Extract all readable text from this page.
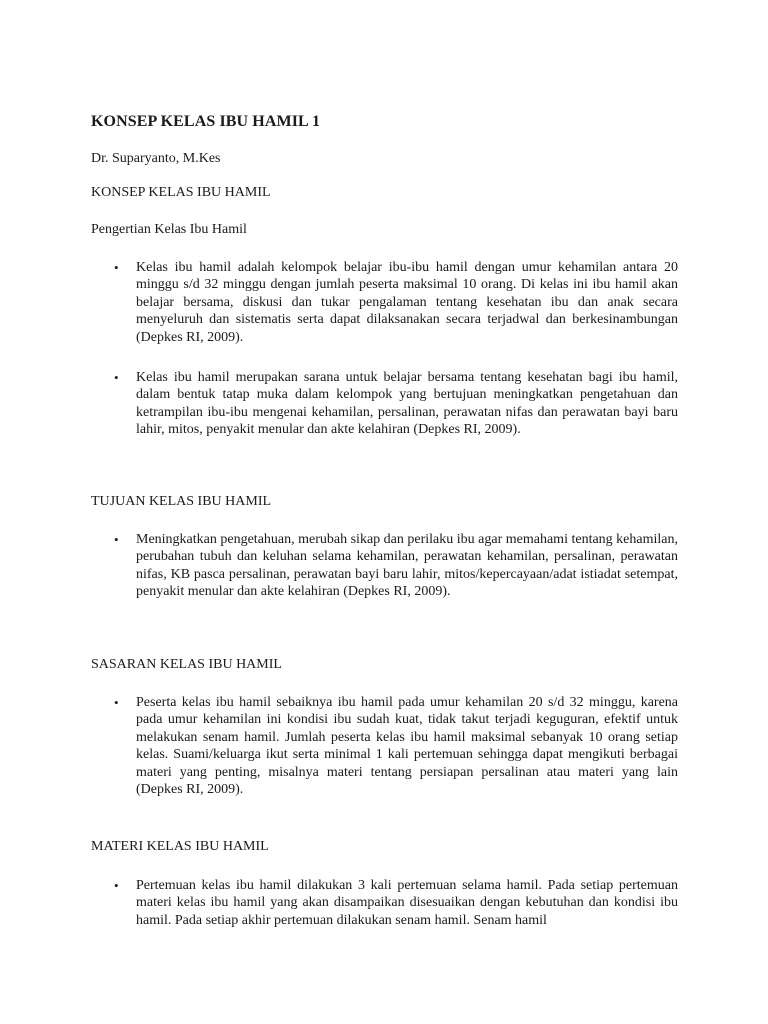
KONSEP KELAS IBU HAMIL 1

Dr. Suparyanto, M.Kes

KONSEP KELAS IBU HAMIL

Pengertian Kelas Ibu Hamil

• Kelas ibu hamil adalah kelompok belajar ibu-ibu hamil dengan umur kehamilan antara 20 minggu s/d 32 minggu dengan jumlah peserta maksimal 10 orang. Di kelas ini ibu hamil akan belajar bersama, diskusi dan tukar pengalaman tentang kesehatan ibu dan anak secara menyeluruh dan sistematis serta dapat dilaksanakan secara terjadwal dan berkesinambungan (Depkes RI, 2009).

• Kelas ibu hamil merupakan sarana untuk belajar bersama tentang kesehatan bagi ibu hamil, dalam bentuk tatap muka dalam kelompok yang bertujuan meningkatkan pengetahuan dan ketrampilan ibu-ibu mengenai kehamilan, persalinan, perawatan nifas dan perawatan bayi baru lahir, mitos, penyakit menular dan akte kelahiran (Depkes RI, 2009).

TUJUAN KELAS IBU HAMIL

• Meningkatkan pengetahuan, merubah sikap dan perilaku ibu agar memahami tentang kehamilan, perubahan tubuh dan keluhan selama kehamilan, perawatan kehamilan, persalinan, perawatan nifas, KB pasca persalinan, perawatan bayi baru lahir, mitos/kepercayaan/adat istiadat setempat, penyakit menular dan akte kelahiran (Depkes RI, 2009).

SASARAN KELAS IBU HAMIL

• Peserta kelas ibu hamil sebaiknya ibu hamil pada umur kehamilan 20 s/d 32 minggu, karena pada umur kehamilan ini kondisi ibu sudah kuat, tidak takut terjadi keguguran, efektif untuk melakukan senam hamil. Jumlah peserta kelas ibu hamil maksimal sebanyak 10 orang setiap kelas. Suami/keluarga ikut serta minimal 1 kali pertemuan sehingga dapat mengikuti berbagai materi yang penting, misalnya materi tentang persiapan persalinan atau materi yang lain (Depkes RI, 2009).

MATERI KELAS IBU HAMIL

• Pertemuan kelas ibu hamil dilakukan 3 kali pertemuan selama hamil. Pada setiap pertemuan materi kelas ibu hamil yang akan disampaikan disesuaikan dengan kebutuhan dan kondisi ibu hamil. Pada setiap akhir pertemuan dilakukan senam hamil. Senam hamil
